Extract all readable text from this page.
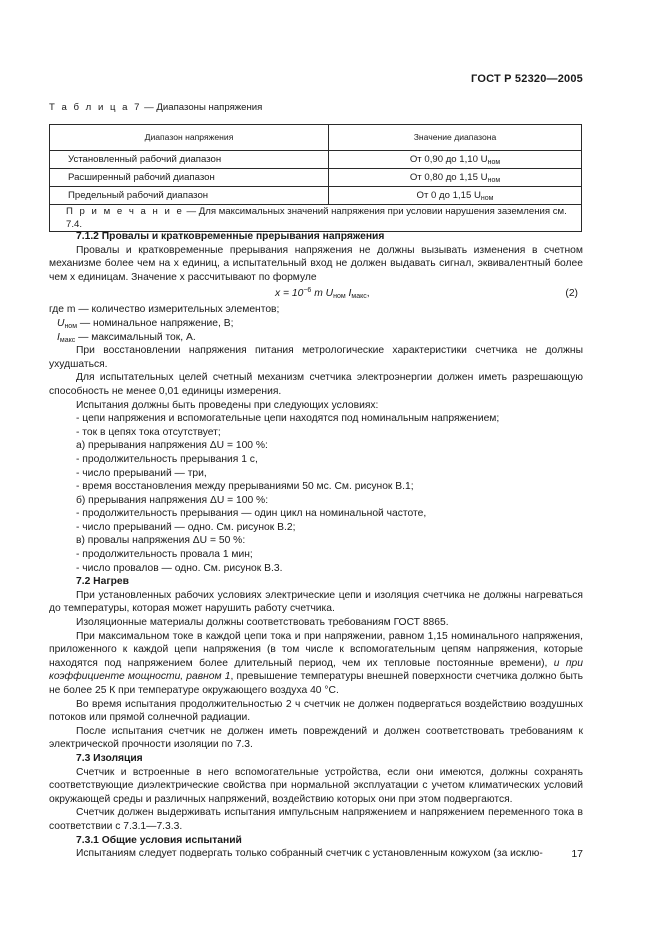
ГОСТ Р 52320—2005
Т а б л и ц а 7 — Диапазоны напряжения
Диапазон напряжения	Значение диапазона
Установленный рабочий диапазон	От 0,90 до 1,10 $U_{ном}$
Расширенный рабочий диапазон	От 0,80 до 1,15 $U_{ном}$
Предельный рабочий диапазон	От 0 до 1,15 $U_{ном}$
П р и м е ч а н и е — Для максимальных значений напряжения при условии нарушения заземления см. 7.4.	
7.1.2 Провалы и кратковременные прерывания напряжения
Провалы и кратковременные прерывания напряжения не должны вызывать изменения в счетном механизме более чем на x единиц, а испытательный вход не должен выдавать сигнал, эквивалентный более чем x единицам. Значение x рассчитывают по формуле
$x = 10^{-6}$ m $U_{ном}$ $I_{макс}$,	(2)
где m — количество измерительных элементов;
$U_{ном}$ — номинальное напряжение, В;
$I_{макс}$ — максимальный ток, А.
При восстановлении напряжения питания метрологические характеристики счетчика не должны ухудшаться.
Для испытательных целей счетный механизм счетчика электроэнергии должен иметь разрешающую способность не менее 0,01 единицы измерения.
Испытания должны быть проведены при следующих условиях:
- цепи напряжения и вспомогательные цепи находятся под номинальным напряжением;
- ток в цепях тока отсутствует;
а) прерывания напряжения ΔU = 100 %:
- продолжительность прерывания 1 с,
- число прерываний — три,
- время восстановления между прерываниями 50 мс. См. рисунок В.1;
б) прерывания напряжения ΔU = 100 %:
- продолжительность прерывания — один цикл на номинальной частоте,
- число прерываний — одно. См. рисунок В.2;
в) провалы напряжения ΔU = 50 %:
- продолжительность провала 1 мин;
- число провалов — одно. См. рисунок В.3.
7.2 Нагрев
При установленных рабочих условиях электрические цепи и изоляция счетчика не должны нагреваться до температуры, которая может нарушить работу счетчика.
Изоляционные материалы должны соответствовать требованиям ГОСТ 8865.
При максимальном токе в каждой цепи тока и при напряжении, равном 1,15 номинального напряжения, приложенного к каждой цепи напряжения (в том числе к вспомогательным цепям напряжения, которые находятся под напряжением более длительный период, чем их тепловые постоянные времени), и при коэффициенте мощности, равном 1, превышение температуры внешней поверхности счетчика должно быть не более 25 К при температуре окружающего воздуха 40 °С.
Во время испытания продолжительностью 2 ч счетчик не должен подвергаться воздействию воздушных потоков или прямой солнечной радиации.
После испытания счетчик не должен иметь повреждений и должен соответствовать требованиям к электрической прочности изоляции по 7.3.
7.3 Изоляция
Счетчик и встроенные в него вспомогательные устройства, если они имеются, должны сохранять соответствующие диэлектрические свойства при нормальной эксплуатации с учетом климатических условий окружающей среды и различных напряжений, воздействию которых они при этом подвергаются.
Счетчик должен выдерживать испытания импульсным напряжением и напряжением переменного тока в соответствии с 7.3.1—7.3.3.
7.3.1 Общие условия испытаний
Испытаниям следует подвергать только собранный счетчик с установленным кожухом (за исклю-	17
